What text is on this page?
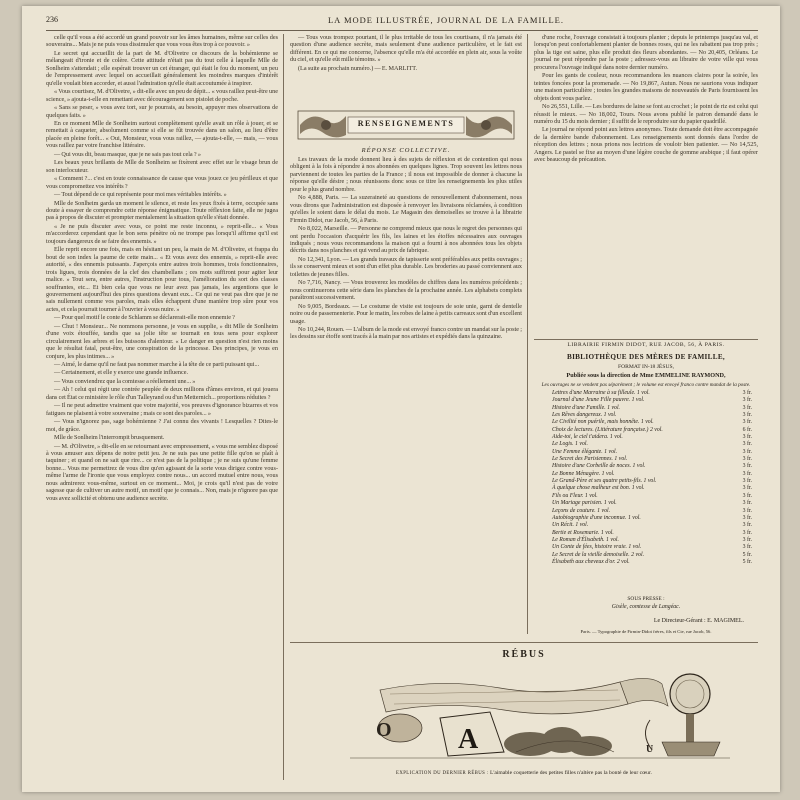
236	LA MODE ILLUSTRÉE, JOURNAL DE LA FAMILLE.

celle qu'il vous a été accordé un grand pouvoir sur les âmes humaines, même sur celles des souverains... Mais je ne puis vous dissimuler que vous vous êtes trop à ce pouvoir. »

Le secret qui accueillit de la part de M. d'Olivetre ce discours de la bohémienne se mélangeait d'ironie et de colère. Cette attitude n'était pas du tout celle à laquelle Mlle de Sonlheim s'attendait ; elle espérait trouver un cet étranger, qui était le fou du moment, un peu de l'empressement avec lequel on accueillait généralement les moindres marques d'intérêt qu'elle voulait bien accorder, et aussi l'admiration qu'elle était accoutumée à inspirer.

« Vous courtisez, M. d'Olivetre, » dit-elle avec un peu de dépit... « vous raillez peut-être une science, » ajouta-t-elle en remettant avec découragement son pistolet de poche.

« Sans se peser, » vous avez tort, sur je pourrais, au besoin, appuyer mes observations de quelques faits. »

En ce moment Mlle de Sonlheim surtout complètement qu'elle avait un rôle à jouer, et se remettait à caqueter, absolument comme si elle se fût trouvée dans un salon, au lieu d'être placée en pleine forêt... « Oui, Monsieur, vous vous raillez, — ajouta-t-elle, — mais, — vous vous raillez par votre franchise littéraire.

— Qui vous dit, beau masque, que je ne sais pas tout cela ? »

Les beaux yeux brillants de Mlle de Sonlheim se fixèrent avec effet sur le visage brun de son interlocuteur.

« Comment ?... c'est en toute connaissance de cause que vous jouez ce jeu périlleux et que vous compromettez vos intérêts ?

— Tout dépend de ce qui représente pour moi mes véritables intérêts. »

Mlle de Sonlheim garda un moment le silence, et reste les yeux fixés à terre, occupée sans doute à essayer de comprendre cette réponse énigmatique. Toute réflexion faite, elle ne jugea pas à propos de discuter et prompter mentalement la situation qu'elle s'était donnée.

« Je ne puis discuter avec vous, ce point me reste inconnu, » reprit-elle... « Vous m'accorderez cependant que le bon sens pénètre où ne trompe pas lorsqu'il affirme qu'il est toujours dangereux de se faire des ennemis. »

Elle reprit encore une fois, mais en hésitant un peu, la main de M. d'Olivetre, et frappa du bout de son index la paume de cette main... « Et vous avez des ennemis, » reprit-elle avec autorité, « des ennemis puissants. J'aperçois entre autres trois hommes, trois fonctionnaires, trois ligues, trois données de la clef des chambellans ; ces mots suffiront pour agiter leur malice. » Tout sera, entre autres, l'instruction pour tous, l'amélioration du sort des classes souffrantes, etc... Et bien cela que vous ne leur avez pas jamais, les argentions que le gouvernement aujourd'hui des pires questions devant eux... Ce qui ne veut pas dire que je ne sais nullement comme vos paroles, mais elles échappent d'une manière trop sûre pour vos actes, et cela pourrait tourner à l'ouvrier à vous nuire. »

— Pour quel motif le conte de Schlamm se déclarerait-elle mon ennemie ?

— Chut ! Monsieur... Ne nommons personne, je vous en supplie, » dit Mlle de Sonlheim d'une voix étouffée, tandis que sa jolie tête se tournait en tous sens pour explorer circulairement les arbres et les buissons d'alentour. « Le danger en question n'est rien moins que le résultat fatal, peut-être, une conspiration de la princesse. Des principes, je vous en conjure, les plus intimes... »

— Aimé, le dame qu'il ne faut pas nommer marche à la tête de ce parti puissant qui...

— Certainement, et elle y exerce une grande influence.

— Vous conviendrez que la comtesse a réellement une... »

— Ah ! celui qui régit une contrée peuplée de deux millions d'âmes environ, et qui jouera dans cet État ce ministère le rôle d'un Talleyrand ou d'un Metternich... proportions réduites ?

— Il ne peut admettre vraiment que votre majorité, vos preuves d'ignorance bizarres et vos fatigues ne plaisent à votre souveraine ; mais ce sont des paroles... »

— Vous n'ignorez pas, sage bohémienne ? J'ai connu des vivants ! Lesquelles ? Dites-le moi, de grâce.

Mlle de Sonlheim l'interrompit brusquement.

— M. d'Olivetre, » dit-elle en se retournant avec empressement, « vous me semblez disposé à vous amuser aux dépens de notre petit jeu. Je ne suis pas une petite fille qu'on se plaît à taquiner ; et quand on ne sait que rire... ce n'est pas de la politique ; je ne suis qu'une femme bonne... Vous me permettrez de vous dire qu'en agissant de la sorte vous dirigez contre vous-même l'arme de l'ironie que vous employez contre nous... un accord mutuel entre nous, vous nous admirerez vous-même, surtout en ce moment... Moi, je crois qu'il n'est pas de votre sagesse que de cultiver un autre motif, un motif que je connais... Non, mais je n'ignore pas que vous avez sollicité et obtenu une audience secrète.

— Tous vous trompez pourtant, il le plus irritable de tous les courtisans, il n'a jamais été question d'une audience secrète, mais seulement d'une audience particulière, et le fait est différent. En ce qui me concerne, l'absence qu'elle m'a été accordée en plein air, sous la voûte du ciel, et qu'elle eût mille témoins. »

(La suite au prochain numéro.) — E. MARLITT.

RENSEIGNEMENTS
RÉPONSE COLLECTIVE.

Les travaux de la mode donnent lieu à des sujets de réflexion et de contention qui nous obligent à la fois à répondre à nos abonnées en quelques lignes. Trop souvent les lettres nous parviennent de toutes les parties de la France ; il nous est impossible de donner à chacune la réponse qu'elle désire ; nous réunissons donc sous ce titre les renseignements les plus utiles pour le plus grand nombre.

No 4,888, Paris. — La suzeraineté au questions de renouvellement d'abonnement, nous vous dirons que l'administration est disposée à renvoyer les livraisons réclamées, à condition qu'elles le soient dans le délai du mois. Le Magasin des demoiselles se trouve à la librairie Firmin Didot, rue Jacob, 56, à Paris.

No 8,022, Marseille. — Personne ne comprend mieux que nous le regret des personnes qui ont perdu l'occasion d'acquérir les fils, les laines et les étoffes nécessaires aux ouvrages indiqués ; nous vous recommandons la maison qui a fourni à nos abonnées tous les objets décrits dans nos planches et qui vend au prix de fabrique.

No 12,341, Lyon. — Les grands travaux de tapisserie sont préférables aux petits ouvrages ; ils se conservent mieux et sont d'un effet plus durable. Les broderies au passé conviennent aux toilettes de jeunes filles.

No 7,716, Nancy. — Vous trouverez les modèles de chiffres dans les numéros précédents ; nous continuerons cette série dans les planches de la prochaine année. Les alphabets complets paraîtront successivement.

No 9,005, Bordeaux. — Le costume de visite est toujours de soie unie, garni de dentelle noire ou de passementerie. Pour le matin, les robes de laine à petits carreaux sont d'un excellent usage.

No 10,244, Rouen. — L'album de la mode est envoyé franco contre un mandat sur la poste ; les dessins sur étoffe sont tracés à la main par nos artistes et expédiés dans la quinzaine.

d'une roche, l'ouvrage consistait à toujours planter ; depuis le printemps jusqu'au val, et lorsqu'on peut confortablement planter de bonnes roses, qui ne les rabattent pas trop près ; plus la tige est saine, plus elle produit des fleurs abondantes. — No 20,405, Orléans. Le journal ne peut répondre par la poste ; adressez-vous au libraire de votre ville qui vous procurera l'ouvrage indiqué dans notre dernier numéro.

Pour les gants de couleur, nous recommandons les nuances claires pour la soirée, les teintes foncées pour la promenade. — No 19,867, Autun. Nous ne saurions vous indiquer une maison particulière ; toutes les grandes maisons de nouveautés de Paris fournissent les objets dont vous parlez.

No 26,551, Lille. — Les bordures de laine se font au crochet ; le point de riz est celui qui réussit le mieux. — No 18,002, Tours. Nous avons publié le patron demandé dans le numéro du 15 du mois dernier ; il suffit de le reproduire sur du papier quadrillé.

Le journal ne répond point aux lettres anonymes. Toute demande doit être accompagnée de la dernière bande d'abonnement. Les renseignements sont donnés dans l'ordre de réception des lettres ; nous prions nos lectrices de vouloir bien patienter. — No 14,525, Angers. Le pastel se fixe au moyen d'une légère couche de gomme arabique ; il faut opérer avec beaucoup de précaution.

LIBRAIRIE FIRMIN DIDOT, RUE JACOB, 56, À PARIS.
BIBLIOTHÈQUE DES MÈRES DE FAMILLE,
FORMAT IN-18 JÉSUS,
Publiée sous la direction de Mme EMMELINE RAYMOND,
Les ouvrages ne se vendent pas séparément ; le volume est envoyé franco contre mandat de la poste.
Lettres d'une Marraine à sa filleule. 1 vol.	3 fr.
Journal d'une Jeune Fille pauvre. 1 vol.	3 fr.
Histoire d'une Famille. 1 vol.	3 fr.
Les Rêves dangereux. 1 vol.	3 fr.
Le Civilité non puérile, mais honnête. 1 vol.	3 fr.
Choix de lectures. (Littérature française.) 2 vol.	6 fr.
Aide-toi, le ciel t'aidera. 1 vol.	3 fr.
Le Logis. 1 vol.	3 fr.
Une Femme élégante. 1 vol.	3 fr.
Le Secret des Parisiennes. 1 vol.	3 fr.
Histoire d'une Corbeille de noces. 1 vol.	3 fr.
Le Bonne Ménagère. 1 vol.	3 fr.
Le Grand-Père et ses quatre petits-fils. 1 vol.	3 fr.
À quelque chose malheur est bon. 1 vol.	3 fr.
Fils ou Fleur. 1 vol.	3 fr.
Un Mariage parisien. 1 vol.	3 fr.
Leçons de couture. 1 vol.	3 fr.
Autobiographie d'une inconnue. 1 vol.	3 fr.
Un Récit. 1 vol.	3 fr.
Bertie et Rosemarie. 1 vol.	3 fr.
Le Roman d'Élisabeth. 1 vol.	3 fr.
Un Conte de fées, histoire vraie. 1 vol.	3 fr.
Le Secret de la vieille demoiselle. 2 vol.	5 fr.
Élisabeth aux cheveux d'or. 2 vol.	5 fr.
SOUS PRESSE :
Gisèle, comtesse de Langéac.
Le Directeur-Gérant : E. MAGIMEL.
Paris. — Typographie de Firmin-Didot frères, fils et Cie, rue Jacob, 56.
RÉBUS
O A	U
EXPLICATION DU DERNIER RÉBUS : L'aimable coquetterie des petites filles n'altère pas la bonté de leur cœur.
